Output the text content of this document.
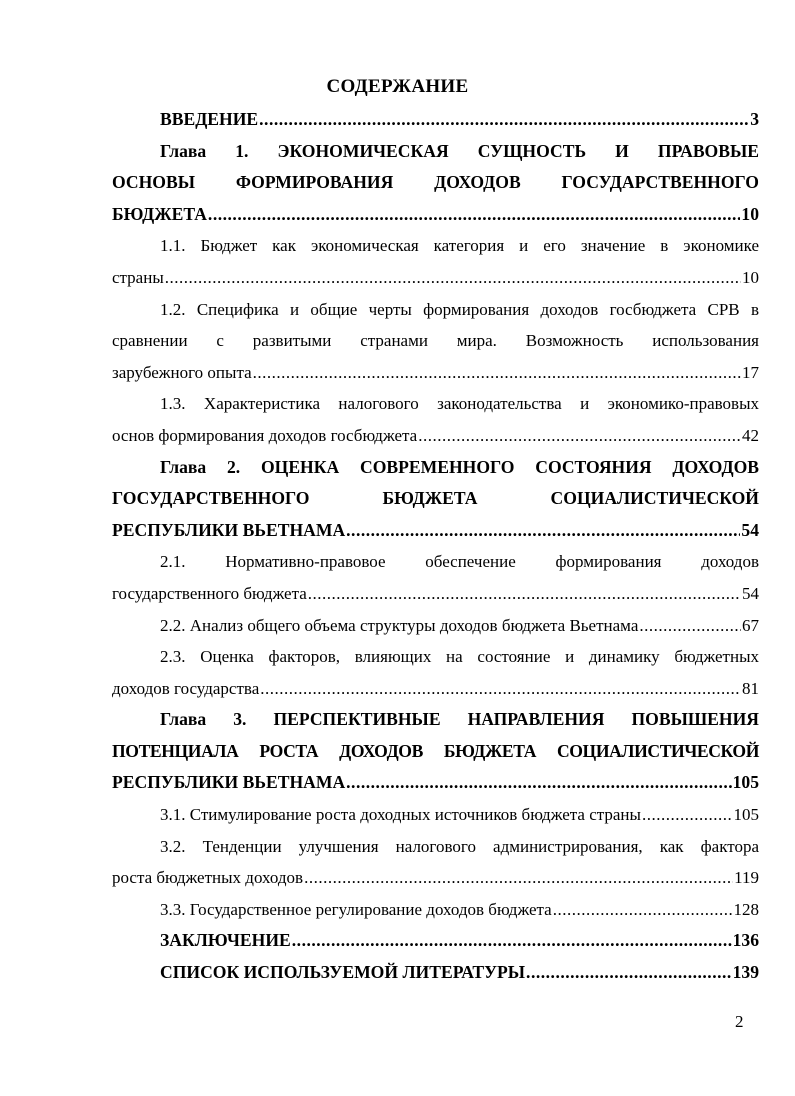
СОДЕРЖАНИЕ
ВВЕДЕНИЕ .....	3
Глава 1. ЭКОНОМИЧЕСКАЯ СУЩНОСТЬ И ПРАВОВЫЕ
ОСНОВЫ ФОРМИРОВАНИЯ ДОХОДОВ ГОСУДАРСТВЕННОГО
БЮДЖЕТА .....	10
1.1. Бюджет как экономическая категория и его значение в экономике
страны .....	10
1.2. Специфика и общие черты формирования доходов госбюджета СРВ в
сравнении с развитыми странами мира. Возможность использования
зарубежного опыта .....	17
1.3. Характеристика налогового законодательства и экономико-правовых
основ формирования доходов госбюджета .....	42
Глава 2. ОЦЕНКА СОВРЕМЕННОГО СОСТОЯНИЯ ДОХОДОВ
ГОСУДАРСТВЕННОГО БЮДЖЕТА СОЦИАЛИСТИЧЕСКОЙ
РЕСПУБЛИКИ ВЬЕТНАМА .....	54
2.1. Нормативно-правовое обеспечение формирования доходов
государственного бюджета .....	54
2.2. Анализ общего объема структуры доходов бюджета Вьетнама .....	67
2.3. Оценка факторов, влияющих на состояние и динамику бюджетных
доходов государства .....	81
Глава 3. ПЕРСПЕКТИВНЫЕ НАПРАВЛЕНИЯ ПОВЫШЕНИЯ
ПОТЕНЦИАЛА РОСТА ДОХОДОВ БЮДЖЕТА СОЦИАЛИСТИЧЕСКОЙ
РЕСПУБЛИКИ ВЬЕТНАМА .....	105
3.1. Стимулирование роста доходных источников бюджета страны .....	105
3.2. Тенденции улучшения налогового администрирования, как фактора
роста бюджетных доходов .....	119
3.3. Государственное регулирование доходов бюджета .....	128
ЗАКЛЮЧЕНИЕ .....	136
СПИСОК ИСПОЛЬЗУЕМОЙ ЛИТЕРАТУРЫ .....	139
2
